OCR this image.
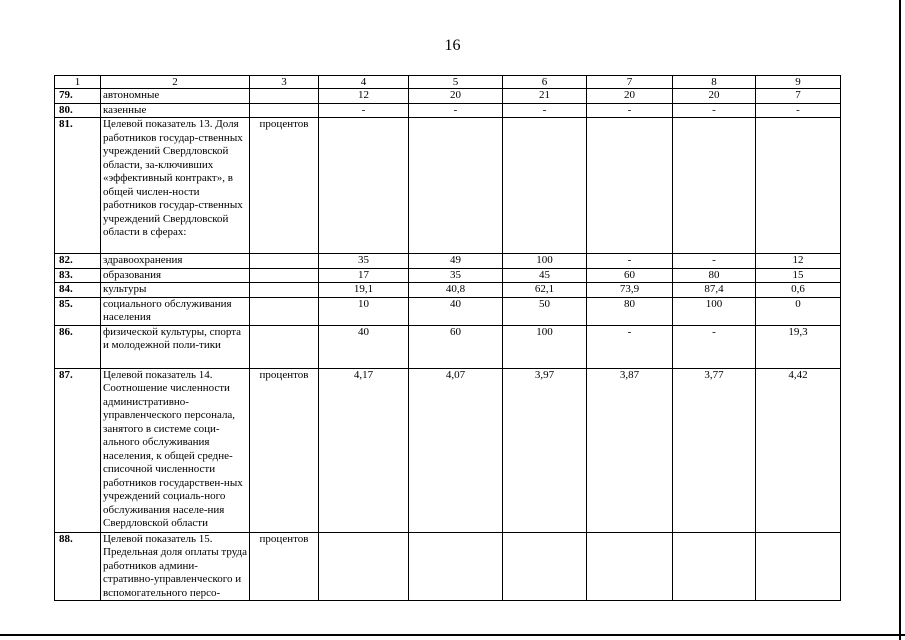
16
1	2	3	4	5	6	7	8	9
79.	автономные		12	20	21	20	20	7
80.	казенные		-	-	-	-	-	-
81.	Целевой показатель 13. Доля работников государ-ственных учреждений Свердловской области, за-ключивших «эффективный контракт», в общей числен-ности работников государ-ственных учреждений Свердловской области в сферах:	процентов						
82.	здравоохранения		35	49	100	-	-	12
83.	образования		17	35	45	60	80	15
84.	культуры		19,1	40,8	62,1	73,9	87,4	0,6
85.	социального обслуживания населения		10	40	50	80	100	0
86.	физической культуры, спорта и молодежной поли-тики		40	60	100	-	-	19,3
87.	Целевой показатель 14. Соотношение численности административно-управленческого персонала, занятого в системе соци-ального обслуживания населения, к общей средне-списочной численности работников государствен-ных учреждений социаль-ного обслуживания населе-ния Свердловской области	процентов	4,17	4,07	3,97	3,87	3,77	4,42
88.	Целевой показатель 15. Предельная доля оплаты труда работников админи-стративно-управленческого и вспомогательного персо-	процентов						
